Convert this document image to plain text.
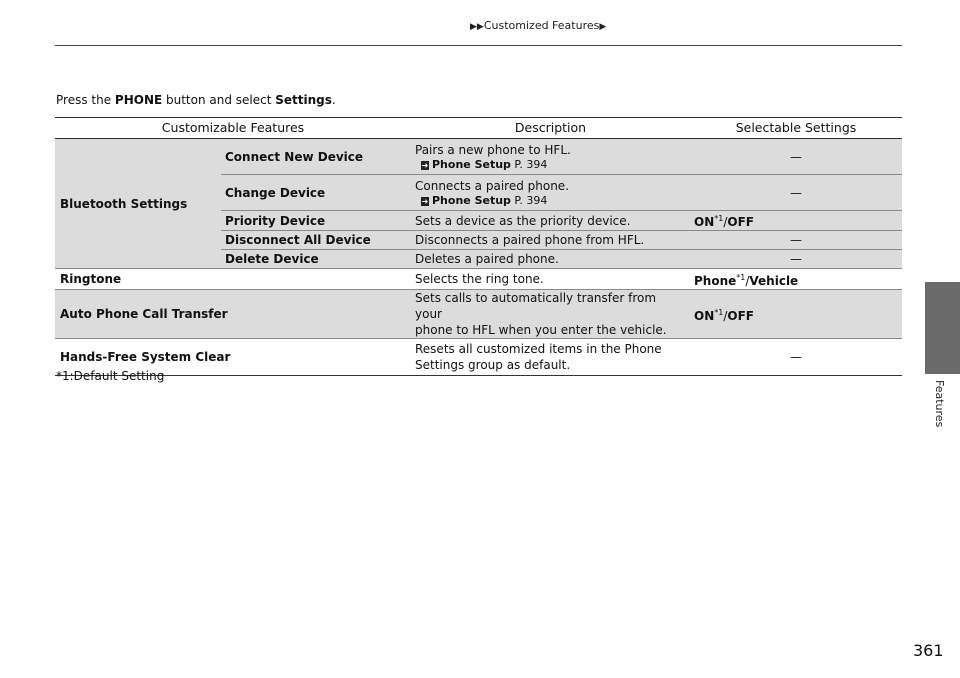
▶▶Customized Features▶
Features
Press the PHONE button and select Settings.
Customizable Features		Description	Selectable Settings
Bluetooth Settings	Connect New Device	Pairs a new phone to HFL.
➜ Phone Setup P. 394	—
	Change Device	Connects a paired phone.
➜ Phone Setup P. 394	—
	Priority Device	Sets a device as the priority device.	ON$^{*1}$/OFF
	Disconnect All Device	Disconnects a paired phone from HFL.	—
	Delete Device	Deletes a paired phone.	—
Ringtone		Selects the ring tone.	Phone$^{*1}$/Vehicle
Auto Phone Call Transfer		Sets calls to automatically transfer from your
phone to HFL when you enter the vehicle.	ON$^{*1}$/OFF
Hands-Free System Clear		Resets all customized items in the Phone
Settings group as default.	—
*1:Default Setting
361
